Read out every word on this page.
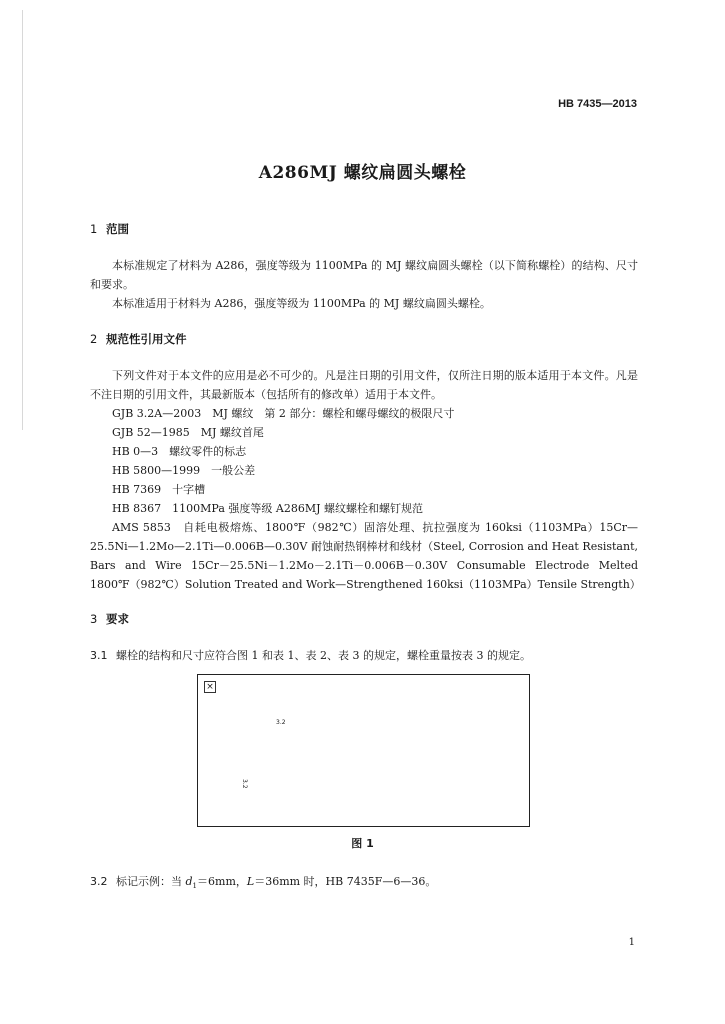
HB 7435—2013
A286MJ 螺纹扁圆头螺栓
1 范围
本标准规定了材料为 A286，强度等级为 1100MPa 的 MJ 螺纹扁圆头螺栓（以下简称螺栓）的结构、尺寸和要求。
本标准适用于材料为 A286，强度等级为 1100MPa 的 MJ 螺纹扁圆头螺栓。
2 规范性引用文件
下列文件对于本文件的应用是必不可少的。凡是注日期的引用文件，仅所注日期的版本适用于本文件。凡是不注日期的引用文件，其最新版本（包括所有的修改单）适用于本文件。
GJB 3.2A—2003　MJ 螺纹　第 2 部分：螺栓和螺母螺纹的极限尺寸
GJB 52—1985　MJ 螺纹首尾
HB 0—3　螺纹零件的标志
HB 5800—1999　一般公差
HB 7369　十字槽
HB 8367　1100MPa 强度等级 A286MJ 螺纹螺栓和螺钉规范
AMS 5853　自耗电极熔炼、1800℉（982℃）固溶处理、抗拉强度为 160ksi（1103MPa）15Cr—25.5Ni—1.2Mo—2.1Ti—0.006B—0.30V 耐蚀耐热钢棒材和线材（Steel, Corrosion and Heat Resistant, Bars and Wire 15Cr－25.5Ni－1.2Mo－2.1Ti－0.006B－0.30V Consumable Electrode Melted 1800℉（982℃）Solution Treated and Work—Strengthened 160ksi（1103MPa）Tensile Strength）
3 要求
3.1 螺栓的结构和尺寸应符合图 1 和表 1、表 2、表 3 的规定，螺栓重量按表 3 的规定。
×
3.2
3.2
图 1
3.2 标记示例：当 $d_1=6mm$，L＝36mm 时，HB 7435F—6—36。
1
